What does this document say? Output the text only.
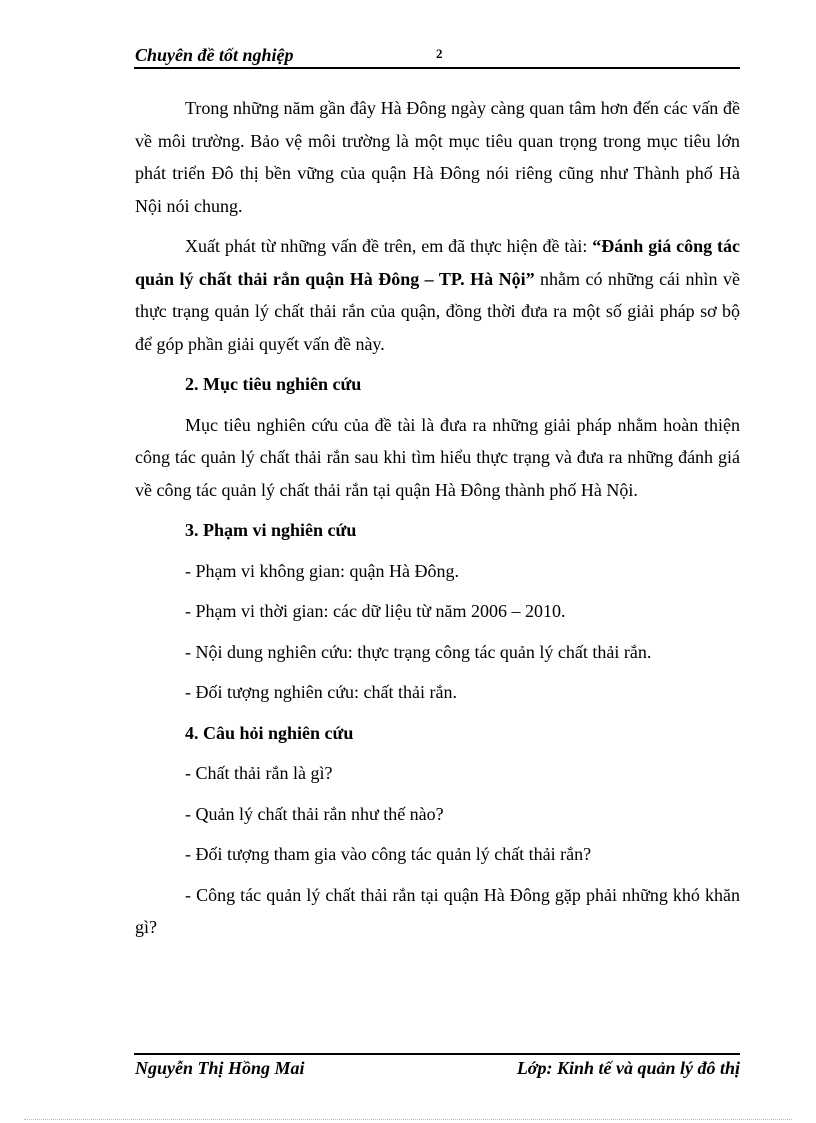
Chuyên đề tốt nghiệp	2

Trong những năm gần đây Hà Đông ngày càng quan tâm hơn đến các vấn đề về môi trường. Bảo vệ môi trường là một mục tiêu quan trọng trong mục tiêu lớn phát triển Đô thị bền vững của quận Hà Đông nói riêng cũng như Thành phố Hà Nội nói chung.

Xuất phát từ những vấn đề trên, em đã thực hiện đề tài: “Đánh giá công tác quản lý chất thải rắn quận Hà Đông – TP. Hà Nội” nhằm có những cái nhìn về thực trạng quản lý chất thải rắn của quận, đồng thời đưa ra một số giải pháp sơ bộ để góp phần giải quyết vấn đề này.

2. Mục tiêu nghiên cứu

Mục tiêu nghiên cứu của đề tài là đưa ra những giải pháp nhằm hoàn thiện công tác quản lý chất thải rắn sau khi tìm hiểu thực trạng và đưa ra những đánh giá về công tác quản lý chất thải rắn tại quận Hà Đông thành phố Hà Nội.

3. Phạm vi nghiên cứu

- Phạm vi không gian: quận Hà Đông.

- Phạm vi thời gian: các dữ liệu từ năm 2006 – 2010.

- Nội dung nghiên cứu: thực trạng công tác quản lý chất thải rắn.

- Đối tượng nghiên cứu: chất thải rắn.

4. Câu hỏi nghiên cứu

- Chất thải rắn là gì?

- Quản lý chất thải rắn như thế nào?

- Đối tượng tham gia vào công tác quản lý chất thải rắn?

- Công tác quản lý chất thải rắn tại quận Hà Đông gặp phải những khó khăn gì?

Nguyễn Thị Hồng Mai	Lớp: Kinh tế và quản lý đô thị
